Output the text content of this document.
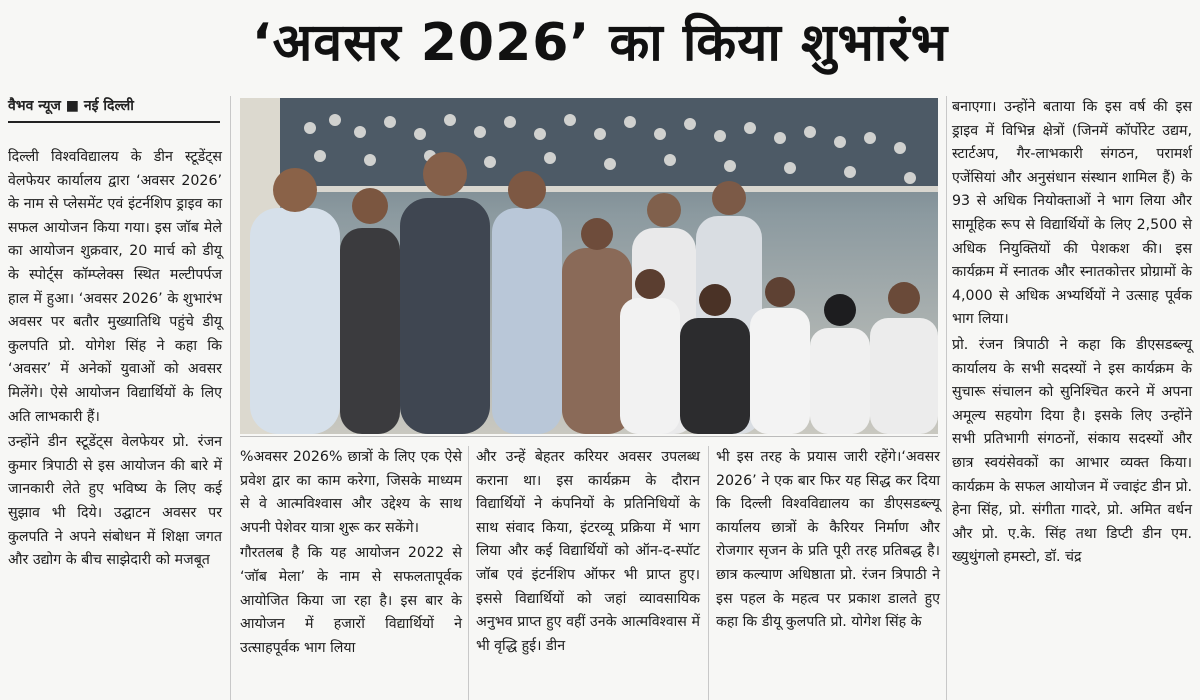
‘अवसर 2026’ का किया शुभारंभ
वैभव न्यूज ■ नई दिल्ली

दिल्ली विश्वविद्यालय के डीन स्टूडेंट्स वेलफेयर कार्यालय द्वारा ‘अवसर 2026’ के नाम से प्लेसमेंट एवं इंटर्नशिप ड्राइव का सफल आयोजन किया गया। इस जॉब मेले का आयोजन शुक्रवार, 20 मार्च को डीयू के स्पोर्ट्स कॉम्प्लेक्स स्थित मल्टीपर्पज हाल में हुआ। ‘अवसर 2026’ के शुभारंभ अवसर पर बतौर मुख्यातिथि पहुंचे डीयू कुलपति प्रो. योगेश सिंह ने कहा कि ‘अवसर’ में अनेकों युवाओं को अवसर मिलेंगे। ऐसे आयोजन विद्यार्थियों के लिए अति लाभकारी हैं।

उन्होंने डीन स्टूडेंट्स वेलफेयर प्रो. रंजन कुमार त्रिपाठी से इस आयोजन की बारे में जानकारी लेते हुए भविष्य के लिए कई सुझाव भी दिये। उद्घाटन अवसर पर कुलपति ने अपने संबोधन में शिक्षा जगत और उद्योग के बीच साझेदारी को मजबूत

%अवसर 2026% छात्रों के लिए एक ऐसे प्रवेश द्वार का काम करेगा, जिसके माध्यम से वे आत्मविश्वास और उद्देश्य के साथ अपनी पेशेवर यात्रा शुरू कर सकेंगे।

गौरतलब है कि यह आयोजन 2022 से ‘जॉब मेला’ के नाम से सफलतापूर्वक आयोजित किया जा रहा है। इस बार के आयोजन में हजारों विद्यार्थियों ने उत्साहपूर्वक भाग लिया

और उन्हें बेहतर करियर अवसर उपलब्ध कराना था। इस कार्यक्रम के दौरान विद्यार्थियों ने कंपनियों के प्रतिनिधियों के साथ संवाद किया, इंटरव्यू प्रक्रिया में भाग लिया और कई विद्यार्थियों को ऑन-द-स्पॉट जॉब एवं इंटर्नशिप ऑफर भी प्राप्त हुए। इससे विद्यार्थियों को जहां व्यावसायिक अनुभव प्राप्त हुए वहीं उनके आत्मविश्वास में भी वृद्धि हुई। डीन

भी इस तरह के प्रयास जारी रहेंगे।‘अवसर 2026’ ने एक बार फिर यह सिद्ध कर दिया कि दिल्ली विश्वविद्यालय का डीएसडब्ल्यू कार्यालय छात्रों के कैरियर निर्माण और रोजगार सृजन के प्रति पूरी तरह प्रतिबद्ध है। छात्र कल्याण अधिष्ठाता प्रो. रंजन त्रिपाठी ने इस पहल के महत्व पर प्रकाश डालते हुए कहा कि डीयू कुलपति प्रो. योगेश सिंह के

बनाएगा। उन्होंने बताया कि इस वर्ष की इस ड्राइव में विभिन्न क्षेत्रों (जिनमें कॉर्पोरेट उद्यम, स्टार्टअप, गैर-लाभकारी संगठन, परामर्श एजेंसियां और अनुसंधान संस्थान शामिल हैं) के 93 से अधिक नियोक्ताओं ने भाग लिया और सामूहिक रूप से विद्यार्थियों के लिए 2,500 से अधिक नियुक्तियों की पेशकश की। इस कार्यक्रम में स्नातक और स्नातकोत्तर प्रोग्रामों के 4,000 से अधिक अभ्यर्थियों ने उत्साह पूर्वक भाग लिया।

प्रो. रंजन त्रिपाठी ने कहा कि डीएसडब्ल्यू कार्यालय के सभी सदस्यों ने इस कार्यक्रम के सुचारू संचालन को सुनिश्चित करने में अपना अमूल्य सहयोग दिया है। इसके लिए उन्होंने सभी प्रतिभागी संगठनों, संकाय सदस्यों और छात्र स्वयंसेवकों का आभार व्यक्त किया। कार्यक्रम के सफल आयोजन में ज्वाइंट डीन प्रो. हेना सिंह, प्रो. संगीता गादरे, प्रो. अमित वर्धन और प्रो. ए.के. सिंह तथा डिप्टी डीन एम. ख्युथुंगलो हमस्टो, डॉ. चंद्र
